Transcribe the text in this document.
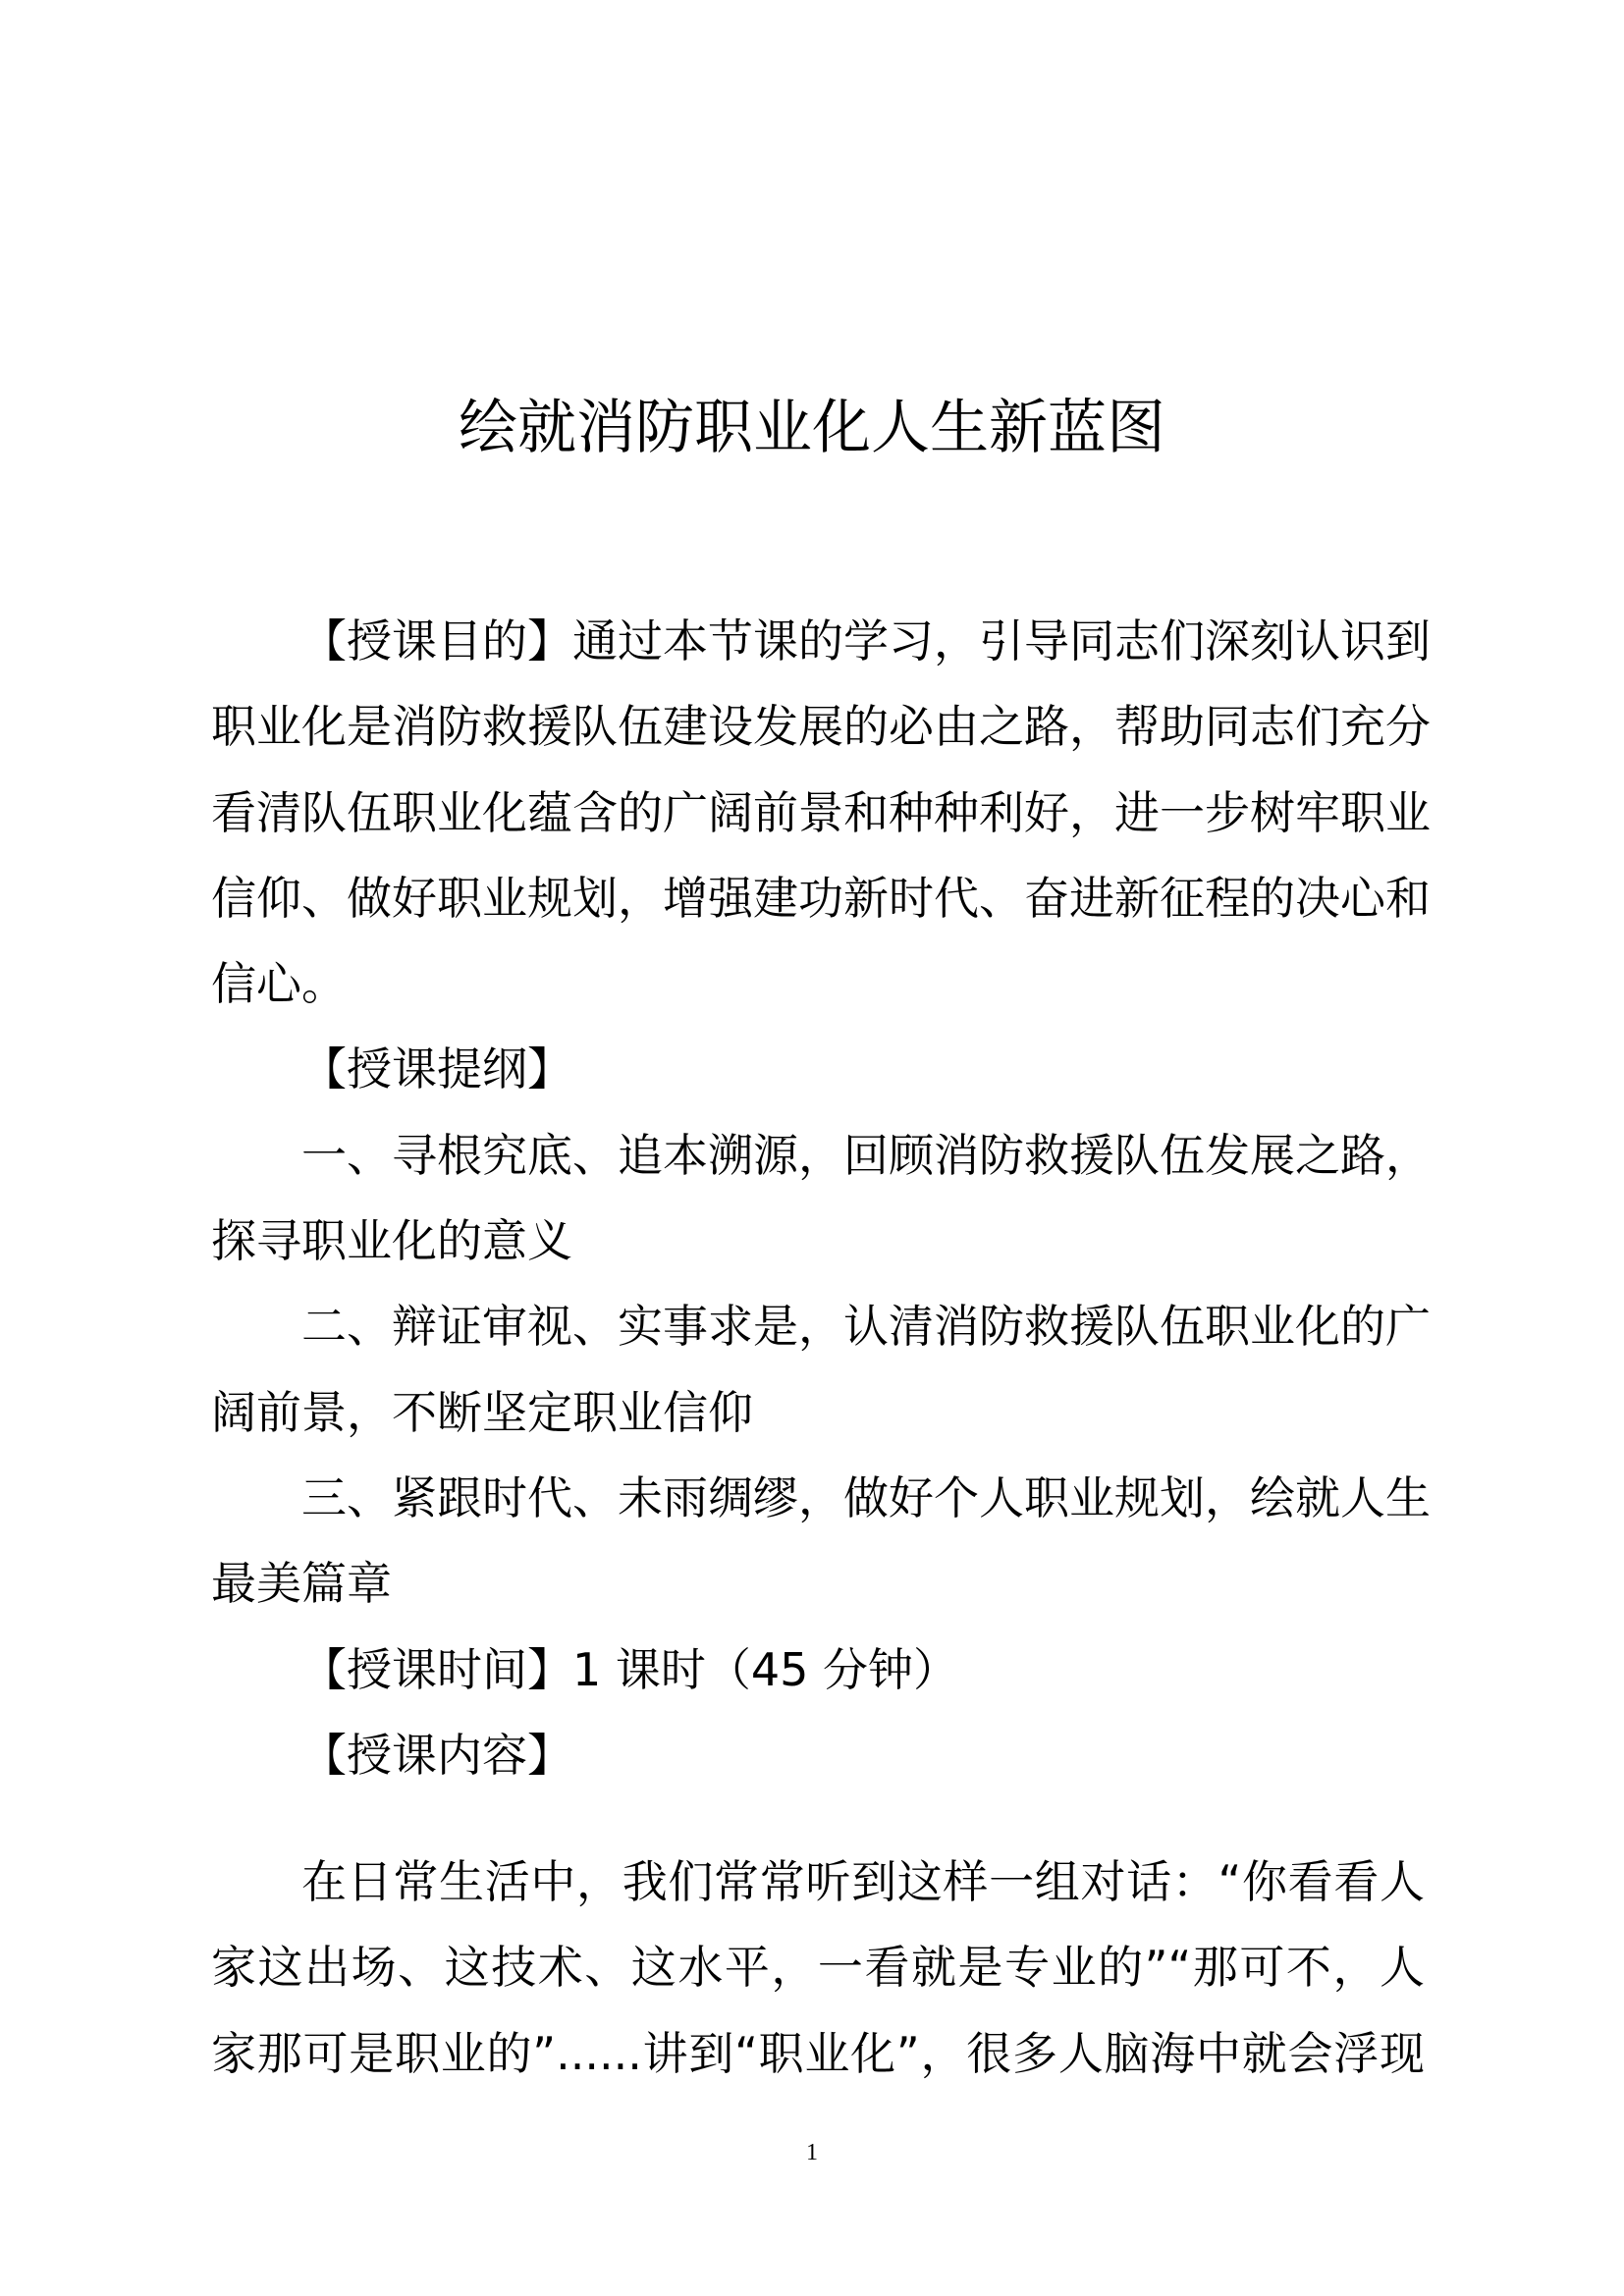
绘就消防职业化人生新蓝图
【授课目的】通过本节课的学习，引导同志们深刻认识到
职业化是消防救援队伍建设发展的必由之路，帮助同志们充分
看清队伍职业化蕴含的广阔前景和种种利好，进一步树牢职业
信仰、做好职业规划，增强建功新时代、奋进新征程的决心和
信心。
【授课提纲】
一、寻根究底、追本溯源，回顾消防救援队伍发展之路，
探寻职业化的意义
二、辩证审视、实事求是，认清消防救援队伍职业化的广
阔前景，不断坚定职业信仰
三、紧跟时代、未雨绸缪，做好个人职业规划，绘就人生
最美篇章
【授课时间】1 课时（45 分钟）
【授课内容】
在日常生活中，我们常常听到这样一组对话：“你看看人
家这出场、这技术、这水平，一看就是专业的”“那可不，人
家那可是职业的”......讲到“职业化”，很多人脑海中就会浮现
1
